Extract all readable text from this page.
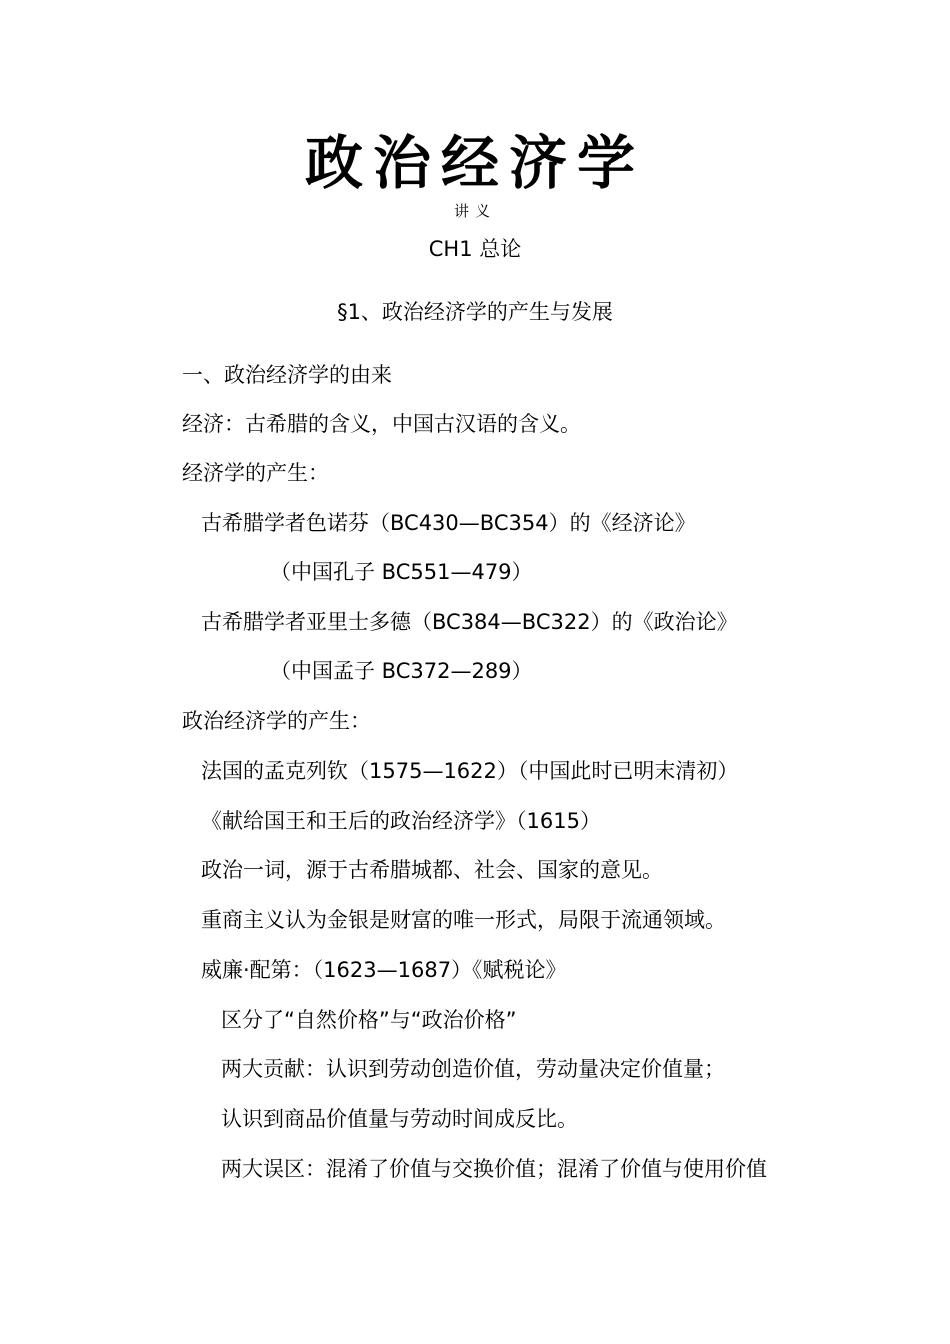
政治经济学
讲义
CH1 总论
§1、政治经济学的产生与发展
一、政治经济学的由来
经济：古希腊的含义，中国古汉语的含义。
经济学的产生：
古希腊学者色诺芬（BC430—BC354）的《经济论》
（中国孔子 BC551—479）
古希腊学者亚里士多德（BC384—BC322）的《政治论》
（中国孟子 BC372—289）
政治经济学的产生：
法国的孟克列钦（1575—1622）（中国此时已明末清初）
《献给国王和王后的政治经济学》（1615）
政治一词，源于古希腊城都、社会、国家的意见。
重商主义认为金银是财富的唯一形式，局限于流通领域。
威廉·配第：（1623—1687）《赋税论》
区分了“自然价格”与“政治价格”
两大贡献：认识到劳动创造价值，劳动量决定价值量；
认识到商品价值量与劳动时间成反比。
两大误区：混淆了价值与交换价值；混淆了价值与使用价值
